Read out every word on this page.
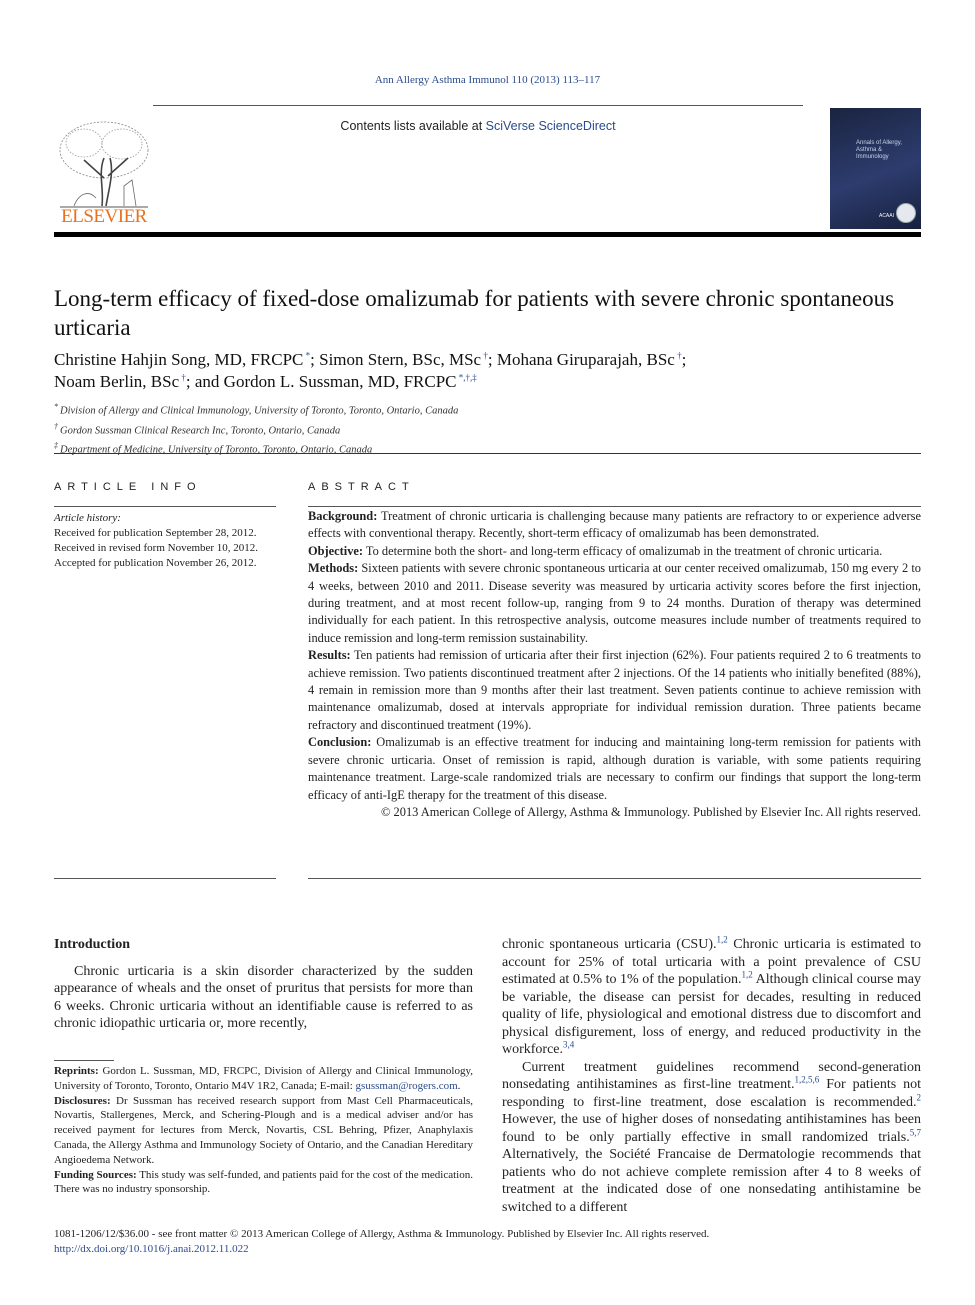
Ann Allergy Asthma Immunol 110 (2013) 113–117
Contents lists available at SciVerse ScienceDirect
ELSEVIER
Annals of Allergy, Asthma & Immunology
ACAAI
Long-term efficacy of fixed-dose omalizumab for patients with severe chronic spontaneous urticaria
Christine Hahjin Song, MD, FRCPC *; Simon Stern, BSc, MSc †; Mohana Giruparajah, BSc †;
Noam Berlin, BSc †; and Gordon L. Sussman, MD, FRCPC *,†,‡
* Division of Allergy and Clinical Immunology, University of Toronto, Toronto, Ontario, Canada
† Gordon Sussman Clinical Research Inc, Toronto, Ontario, Canada
‡ Department of Medicine, University of Toronto, Toronto, Ontario, Canada
ARTICLE INFO
Article history:
Received for publication September 28, 2012.
Received in revised form November 10, 2012.
Accepted for publication November 26, 2012.
ABSTRACT

Background: Treatment of chronic urticaria is challenging because many patients are refractory to or experience adverse effects with conventional therapy. Recently, short-term efficacy of omalizumab has been demonstrated.

Objective: To determine both the short- and long-term efficacy of omalizumab in the treatment of chronic urticaria.

Methods: Sixteen patients with severe chronic spontaneous urticaria at our center received omalizumab, 150 mg every 2 to 4 weeks, between 2010 and 2011. Disease severity was measured by urticaria activity scores before the first injection, during treatment, and at most recent follow-up, ranging from 9 to 24 months. Duration of therapy was determined individually for each patient. In this retrospective analysis, outcome measures include number of treatments required to induce remission and long-term remission sustainability.

Results: Ten patients had remission of urticaria after their first injection (62%). Four patients required 2 to 6 treatments to achieve remission. Two patients discontinued treatment after 2 injections. Of the 14 patients who initially benefited (88%), 4 remain in remission more than 9 months after their last treatment. Seven patients continue to achieve remission with maintenance omalizumab, dosed at intervals appropriate for individual remission duration. Three patients became refractory and discontinued treatment (19%).

Conclusion: Omalizumab is an effective treatment for inducing and maintaining long-term remission for patients with severe chronic urticaria. Onset of remission is rapid, although duration is variable, with some patients requiring maintenance treatment. Large-scale randomized trials are necessary to confirm our findings that support the long-term efficacy of anti-IgE therapy for the treatment of this disease.

© 2013 American College of Allergy, Asthma & Immunology. Published by Elsevier Inc. All rights reserved.

Introduction

Chronic urticaria is a skin disorder characterized by the sudden appearance of wheals and the onset of pruritus that persists for more than 6 weeks. Chronic urticaria without an identifiable cause is referred to as chronic idiopathic urticaria or, more recently,

chronic spontaneous urticaria (CSU).$^{1,2}$ Chronic urticaria is estimated to account for 25% of total urticaria with a point prevalence of CSU estimated at 0.5% to 1% of the population.$^{1,2}$ Although clinical course may be variable, the disease can persist for decades, resulting in reduced quality of life, physiological and emotional distress due to discomfort and physical disfigurement, loss of energy, and reduced productivity in the workforce.$^{3,4}$

Current treatment guidelines recommend second-generation nonsedating antihistamines as first-line treatment.$^{1,2,5,6}$ For patients not responding to first-line treatment, dose escalation is recommended.$^2$ However, the use of higher doses of nonsedating antihistamines has been found to be only partially effective in small randomized trials.$^{5,7}$ Alternatively, the Société Francaise de Dermatologie recommends that patients who do not achieve complete remission after 4 to 8 weeks of treatment at the indicated dose of one nonsedating antihistamine be switched to a different

Reprints: Gordon L. Sussman, MD, FRCPC, Division of Allergy and Clinical Immunology, University of Toronto, Toronto, Ontario M4V 1R2, Canada; E-mail: gsussman@rogers.com.

Disclosures: Dr Sussman has received research support from Mast Cell Pharmaceuticals, Novartis, Stallergenes, Merck, and Schering-Plough and is a medical adviser and/or has received payment for lectures from Merck, Novartis, CSL Behring, Pfizer, Anaphylaxis Canada, the Allergy Asthma and Immunology Society of Ontario, and the Canadian Hereditary Angioedema Network.

Funding Sources: This study was self-funded, and patients paid for the cost of the medication. There was no industry sponsorship.

1081-1206/12/$36.00 - see front matter © 2013 American College of Allergy, Asthma & Immunology. Published by Elsevier Inc. All rights reserved.
http://dx.doi.org/10.1016/j.anai.2012.11.022
